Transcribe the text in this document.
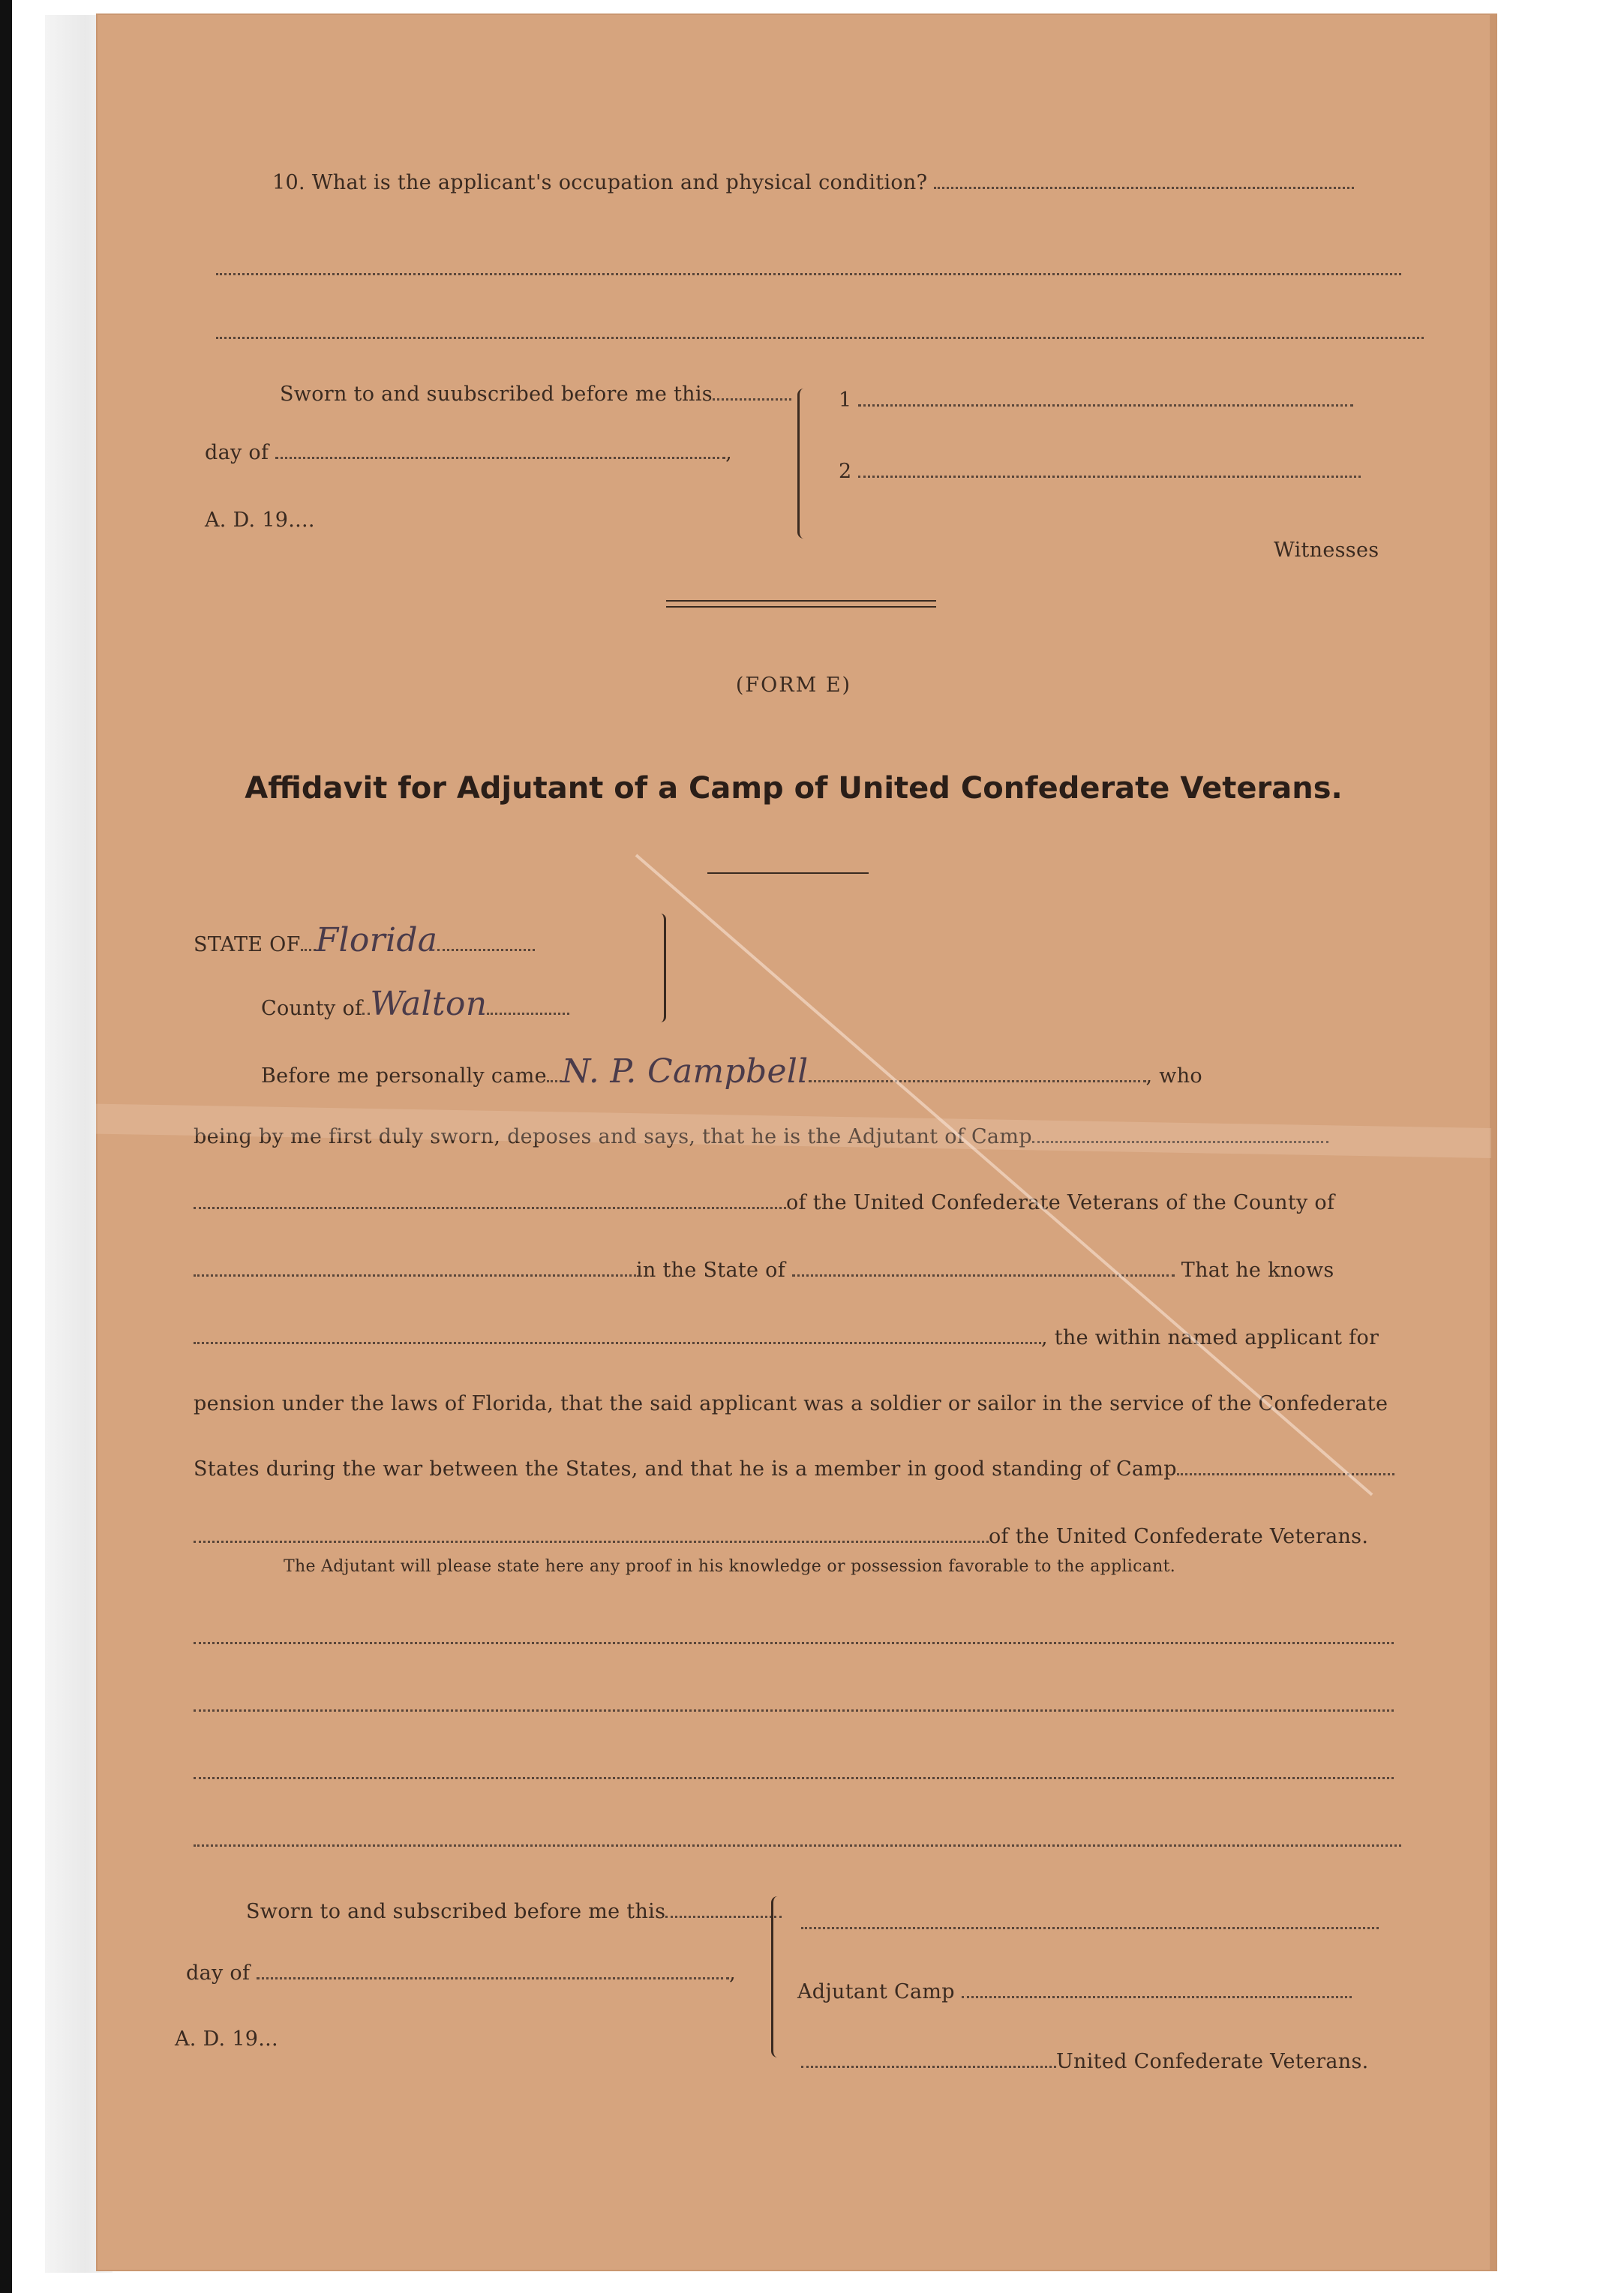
10. What is the applicant's occupation and physical condition?
Sworn to and suubscribed before me this
day of	,
A. D. 19....
1
2
Witnesses
(FORM E)
Affidavit for Adjutant of a Camp of United Confederate Veterans.
STATE OF Florida
County of Walton
Before me personally came N. P. Campbell	, who
being by me first duly sworn, deposes and says, that he is the Adjutant of Camp
of the United Confederate Veterans of the County of
in the State of	That he knows
, the within named applicant for
pension under the laws of Florida, that the said applicant was a soldier or sailor in the service of the Confederate
States during the war between the States, and that he is a member in good standing of Camp
of the United Confederate Veterans.
The Adjutant will please state here any proof in his knowledge or possession favorable to the applicant.
Sworn to and subscribed before me this
day of	,
A. D. 19...
Adjutant Camp
United Confederate Veterans.
